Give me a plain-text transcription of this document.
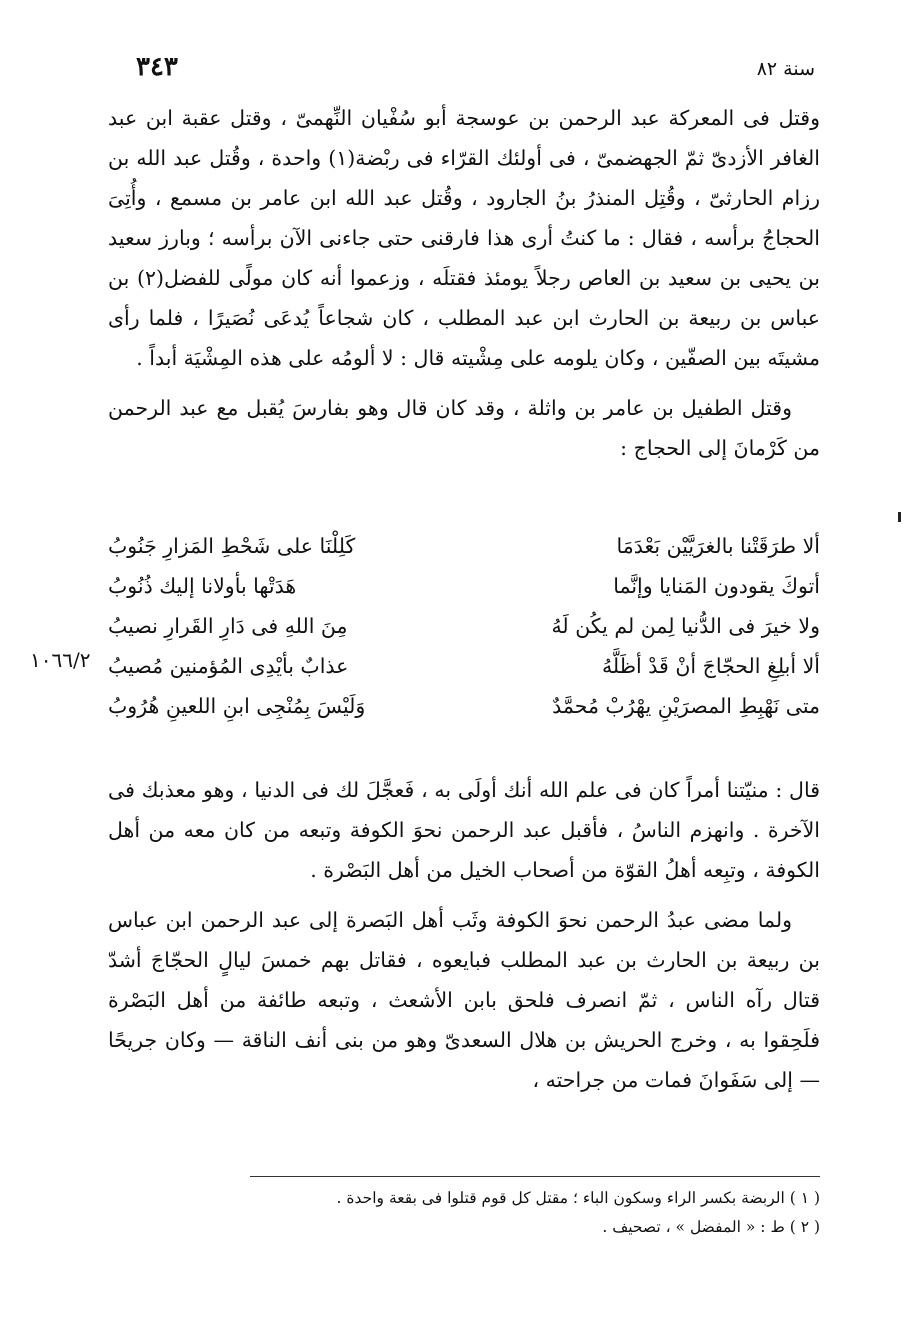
سنة ٨٢
٣٤٣

وقتل فى المعركة عبد الرحمن بن عوسجة أبو سُفْيان النِّهمىّ ، وقتل عقبة ابن عبد الغافر الأزدىّ ثمّ الجهضمىّ ، فى أولئك القرّاء فى ربْضة(١) واحدة ، وقُتل عبد الله بن رزام الحارثىّ ، وقُتِل المنذرُ بنُ الجارود ، وقُتل عبد الله ابن عامر بن مسمع ، وأُتِىَ الحجاجُ برأسه ، فقال : ما كنتُ أرى هذا فارقنى حتى جاءنى الآن برأسه ؛ وبارز سعيد بن يحيى بن سعيد بن العاص رجلاً يومئذ فقتلَه ، وزعموا أنه كان مولًى للفضل(٢) بن عباس بن ربيعة بن الحارث ابن عبد المطلب ، كان شجاعاً يُدعَى نُصَيرًا ، فلما رأى مشيتَه بين الصفّين ، وكان يلومه على مِشْيته قال : لا ألومُه على هذه المِشْيَة أبداً .

وقتل الطفيل بن عامر بن واثلة ، وقد كان قال وهو بفارسَ يُقبل مع عبد الرحمن من كَرْمانَ إلى الحجاج :

ألا طرَقَتْنا بالغرَيَّيْن بَعْدَمَا
كَلِلْنَا على شَحْطِ المَزارِ جَنُوبُ
أتوكَ يقودون المَنايا وإنَّما
هَدَتْها بأولانا إليك ذُنُوبُ
ولا خيرَ فى الدُّنيا لِمن لم يكُن لَهُ
مِنَ اللهِ فى دَارِ القَرارِ نصيبُ
ألا أبلِغِ الحجّاجَ أنْ قَدْ أظَلَّهُ
عذابٌ بأيْدِى المُؤمنين مُصيبُ
متى نَهْبِطِ المصرَيْنِ يهْرُبْ مُحمَّدٌ
وَلَيْسَ بِمُنْجِى ابنِ اللعينِ هُرُوبُ
١٠٦٦/٢

قال : منيّتنا أمراً كان فى علم الله أنك أولَى به ، فَعجَّلَ لك فى الدنيا ، وهو معذبك فى الآخرة . وانهزم الناسُ ، فأقبل عبد الرحمن نحوَ الكوفة وتبعه من كان معه من أهل الكوفة ، وتبِعه أهلُ القوّة من أصحاب الخيل من أهل البَصْرة .

ولما مضى عبدُ الرحمن نحوَ الكوفة وثَب أهل البَصرة إلى عبد الرحمن ابن عباس بن ربيعة بن الحارث بن عبد المطلب فبايعوه ، فقاتل بهم خمسَ ليالٍ الحجّاجَ أشدّ قتال رآه الناس ، ثمّ انصرف فلحق بابن الأشعث ، وتبعه طائفة من أهل البَصْرة فلَحِقوا به ، وخرج الحريش بن هلال السعدىّ وهو من بنى أنف الناقة — وكان جريحًا — إلى سَفَوانَ فمات من جراحته ،

( ١ ) الربضة بكسر الراء وسكون الباء ؛ مقتل كل قوم قتلوا فى بقعة واحدة .
( ٢ ) ط : « المفضل » ، تصحيف .
